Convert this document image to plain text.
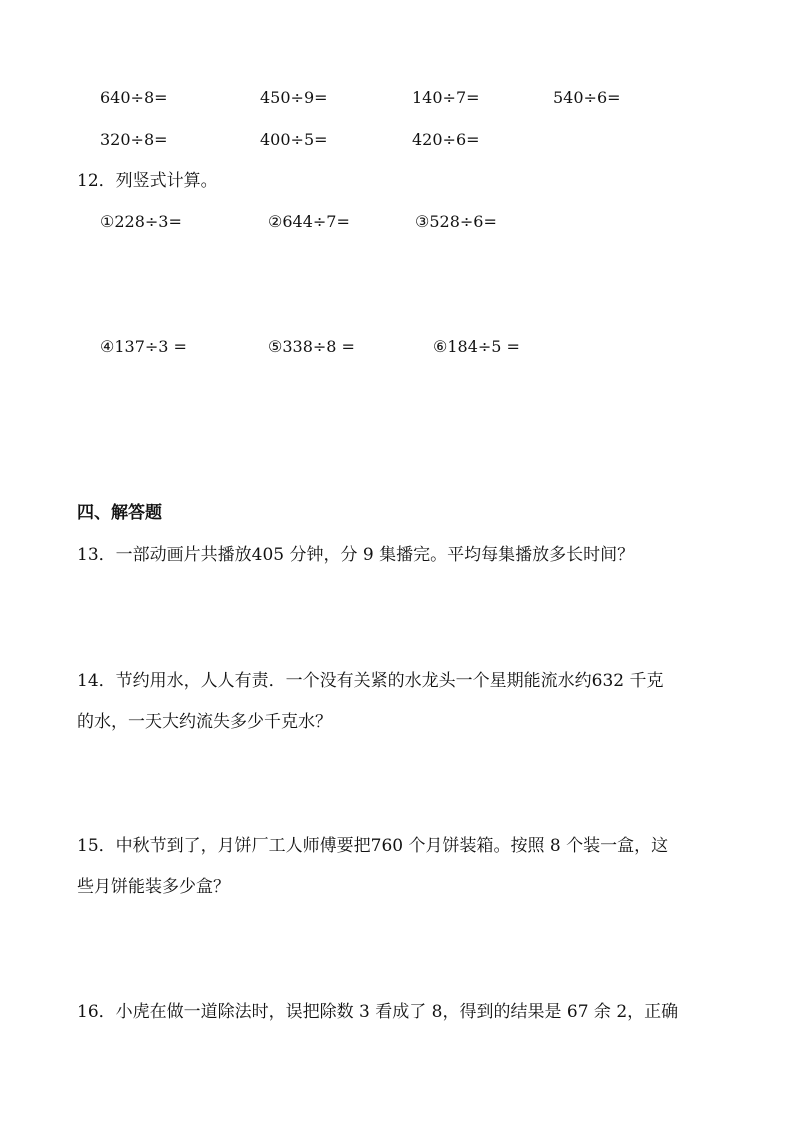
640÷8=	450÷9=	140÷7=	540÷6=
320÷8=	400÷5=	420÷6=
12．列竖式计算。
①228÷3=	②644÷7=	③528÷6=
④137÷3 =	⑤338÷8 =	⑥184÷5 =
四、解答题
13．一部动画片共播放405 分钟，分 9 集播完。平均每集播放多长时间？
14．节约用水，人人有责．一个没有关紧的水龙头一个星期能流水约632 千克
的水，一天大约流失多少千克水？
15．中秋节到了，月饼厂工人师傅要把760 个月饼装箱。按照 8 个装一盒，这
些月饼能装多少盒？
16．小虎在做一道除法时，误把除数 3 看成了 8，得到的结果是 67 余 2，正确
